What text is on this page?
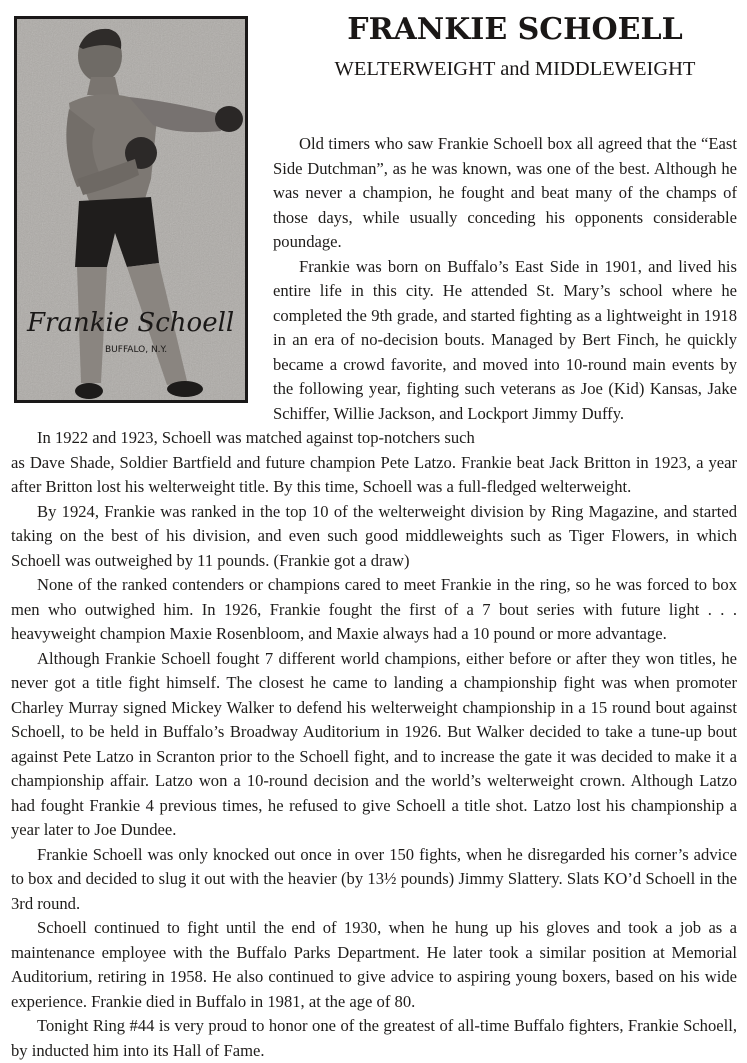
Frankie Schoell
BUFFALO, N.Y.
FRANKIE SCHOELL
WELTERWEIGHT and MIDDLEWEIGHT

Old timers who saw Frankie Schoell box all agreed that the “East Side Dutchman”, as he was known, was one of the best. Although he was never a champion, he fought and beat many of the champs of those days, while usually conceding his opponents considerable poundage.

Frankie was born on Buffalo’s East Side in 1901, and lived his entire life in this city. He attended St. Mary’s school where he completed the 9th grade, and started fighting as a lightweight in 1918 in an era of no-decision bouts. Managed by Bert Finch, he quickly became a crowd favorite, and moved into 10-round main events by the following year, fighting such veterans as Joe (Kid) Kansas, Jake Schiffer, Willie Jackson, and Lockport Jimmy Duffy.

In 1922 and 1923, Schoell was matched against top-notchers such

as Dave Shade, Soldier Bartfield and future champion Pete Latzo. Frankie beat Jack Britton in 1923, a year after Britton lost his welterweight title. By this time, Schoell was a full-fledged welterweight.

By 1924, Frankie was ranked in the top 10 of the welterweight division by Ring Magazine, and started taking on the best of his division, and even such good middleweights such as Tiger Flowers, in which Schoell was outweighed by 11 pounds. (Frankie got a draw)

None of the ranked contenders or champions cared to meet Frankie in the ring, so he was forced to box men who outwighed him. In 1926, Frankie fought the first of a 7 bout series with future light . . . heavyweight champion Maxie Rosenbloom, and Maxie always had a 10 pound or more advantage.

Although Frankie Schoell fought 7 different world champions, either before or after they won titles, he never got a title fight himself. The closest he came to landing a championship fight was when promoter Charley Murray signed Mickey Walker to defend his welterweight championship in a 15 round bout against Schoell, to be held in Buffalo’s Broadway Auditorium in 1926. But Walker decided to take a tune-up bout against Pete Latzo in Scranton prior to the Schoell fight, and to increase the gate it was decided to make it a championship affair. Latzo won a 10-round decision and the world’s welterweight crown. Although Latzo had fought Frankie 4 previous times, he refused to give Schoell a title shot. Latzo lost his championship a year later to Joe Dundee.

Frankie Schoell was only knocked out once in over 150 fights, when he disregarded his corner’s advice to box and decided to slug it out with the heavier (by 13½ pounds) Jimmy Slattery. Slats KO’d Schoell in the 3rd round.

Schoell continued to fight until the end of 1930, when he hung up his gloves and took a job as a maintenance employee with the Buffalo Parks Department. He later took a similar position at Memorial Auditorium, retiring in 1958. He also continued to give advice to aspiring young boxers, based on his wide experience. Frankie died in Buffalo in 1981, at the age of 80.

Tonight Ring #44 is very proud to honor one of the greatest of all-time Buffalo fighters, Frankie Schoell, by inducted him into its Hall of Fame.
